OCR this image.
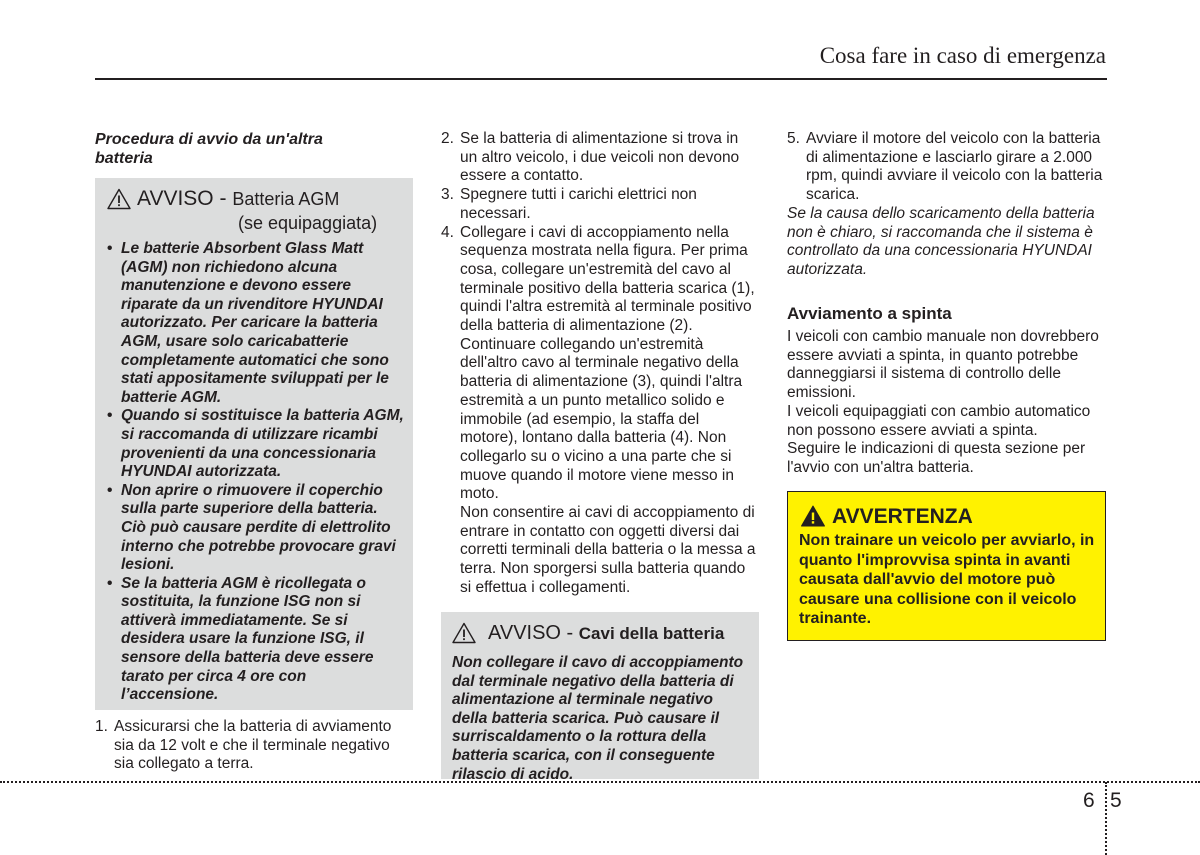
Cosa fare in caso di emergenza
Procedura di avvio da un'altra
batteria
AVVISO - Batteria AGM
(se equipaggiata)
• Le batterie Absorbent Glass Matt (AGM) non richiedono alcuna manutenzione e devono essere riparate da un rivenditore HYUNDAI autorizzato. Per caricare la batteria AGM, usare solo caricabatterie completamente automatici che sono stati appositamente sviluppati per le batterie AGM.
• Quando si sostituisce la batteria AGM, si raccomanda di utilizzare ricambi provenienti da una concessionaria HYUNDAI autorizzata.
• Non aprire o rimuovere il coperchio sulla parte superiore della batteria. Ciò può causare perdite di elettrolito interno che potrebbe provocare gravi lesioni.
• Se la batteria AGM è ricollegata o sostituita, la funzione ISG non si attiverà immediatamente. Se si desidera usare la funzione ISG, il sensore della batteria deve essere tarato per circa 4 ore con l’accensione.
1. Assicurarsi che la batteria di avviamento sia da 12 volt e che il terminale negativo sia collegato a terra.
2. Se la batteria di alimentazione si trova in un altro veicolo, i due veicoli non devono essere a contatto.
3. Spegnere tutti i carichi elettrici non necessari.
4. Collegare i cavi di accoppiamento nella sequenza mostrata nella figura. Per prima cosa, collegare un'estremità del cavo al terminale positivo della batteria scarica (1), quindi l'altra estremità al terminale positivo della batteria di alimentazione (2).
Continuare collegando un'estremità dell'altro cavo al terminale negativo della batteria di alimentazione (3), quindi l'altra estremità a un punto metallico solido e immobile (ad esempio, la staffa del motore), lontano dalla batteria (4). Non collegarlo su o vicino a una parte che si muove quando il motore viene messo in moto.
Non consentire ai cavi di accoppiamento di entrare in contatto con oggetti diversi dai corretti terminali della batteria o la messa a terra. Non sporgersi sulla batteria quando si effettua i collegamenti.
AVVISO - Cavi della batteria
Non collegare il cavo di accoppiamento dal terminale negativo della batteria di alimentazione al terminale negativo della batteria scarica. Può causare il surriscaldamento o la rottura della batteria scarica, con il conseguente rilascio di acido.
5. Avviare il motore del veicolo con la batteria di alimentazione e lasciarlo girare a 2.000 rpm, quindi avviare il veicolo con la batteria scarica.
Se la causa dello scaricamento della batteria non è chiaro, si raccomanda che il sistema è controllato da una concessionaria HYUNDAI autorizzata.
Avviamento a spinta
I veicoli con cambio manuale non dovrebbero essere avviati a spinta, in quanto potrebbe danneggiarsi il sistema di controllo delle emissioni.
I veicoli equipaggiati con cambio automatico non possono essere avviati a spinta.
Seguire le indicazioni di questa sezione per l'avvio con un'altra batteria.
AVVERTENZA
Non trainare un veicolo per avviarlo, in quanto l'improvvisa spinta in avanti causata dall'avvio del motore può causare una collisione con il veicolo trainante.
6 5
